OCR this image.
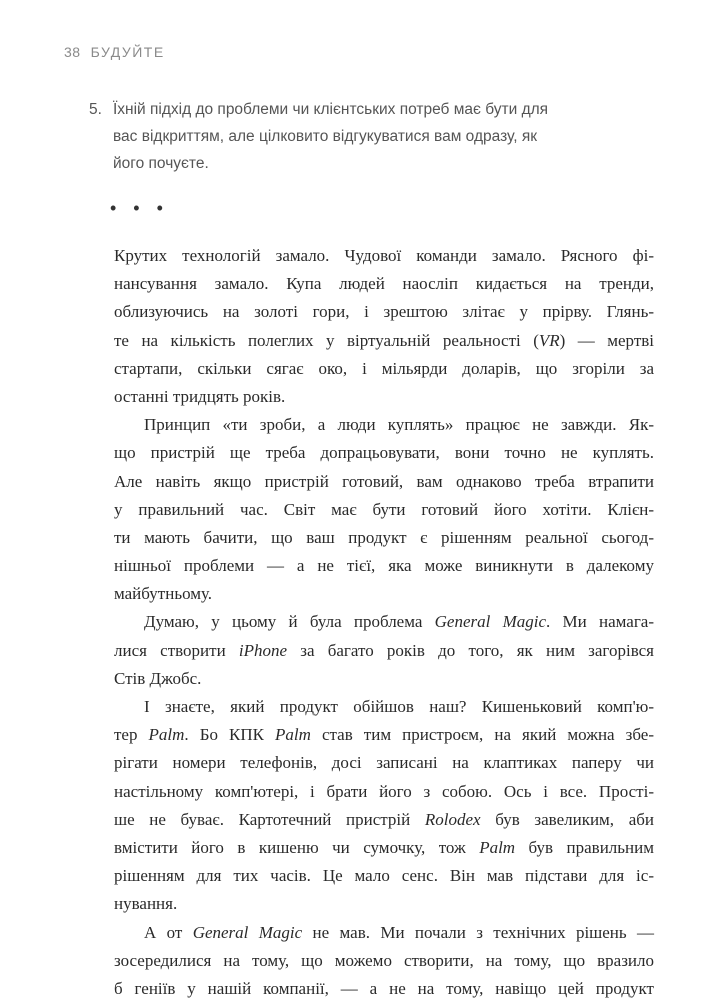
38 БУДУЙТЕ
5. Їхній підхід до проблеми чи клієнтських потреб має бути для
вас відкриттям, але цілковито відгукуватися вам одразу, як
його почуєте.
• • •
Крутих технологій замало. Чудової команди замало. Рясного фі-
нансування замало. Купа людей наосліп кидається на тренди,
облизуючись на золоті гори, і зрештою злітає у прірву. Глянь-
те на кількість полеглих у віртуальній реальності (VR) — мертві
стартапи, скільки сягає око, і мільярди доларів, що згоріли за
останні тридцять років.
Принцип «ти зроби, а люди куплять» працює не завжди. Як-
що пристрій ще треба допрацьовувати, вони точно не куплять.
Але навіть якщо пристрій готовий, вам однаково треба втрапити
у правильний час. Світ має бути готовий його хотіти. Клієн-
ти мають бачити, що ваш продукт є рішенням реальної сьогод-
нішньої проблеми — а не тієї, яка може виникнути в далекому
майбутньому.
Думаю, у цьому й була проблема General Magic. Ми намага-
лися створити iPhone за багато років до того, як ним загорівся
Стів Джобс.
І знаєте, який продукт обійшов наш? Кишеньковий комп'ю-
тер Palm. Бо КПК Palm став тим пристроєм, на який можна збе-
рігати номери телефонів, досі записані на клаптиках паперу чи
настільному комп'ютері, і брати його з собою. Ось і все. Прості-
ше не буває. Картотечний пристрій Rolodex був завеликим, аби
вмістити його в кишеню чи сумочку, тож Palm був правильним
рішенням для тих часів. Це мало сенс. Він мав підстави для іс-
нування.
А от General Magic не мав. Ми почали з технічних рішень —
зосередилися на тому, що можемо створити, на тому, що вразило
б геніїв у нашій компанії, — а не на тому, навіщо цей продукт
